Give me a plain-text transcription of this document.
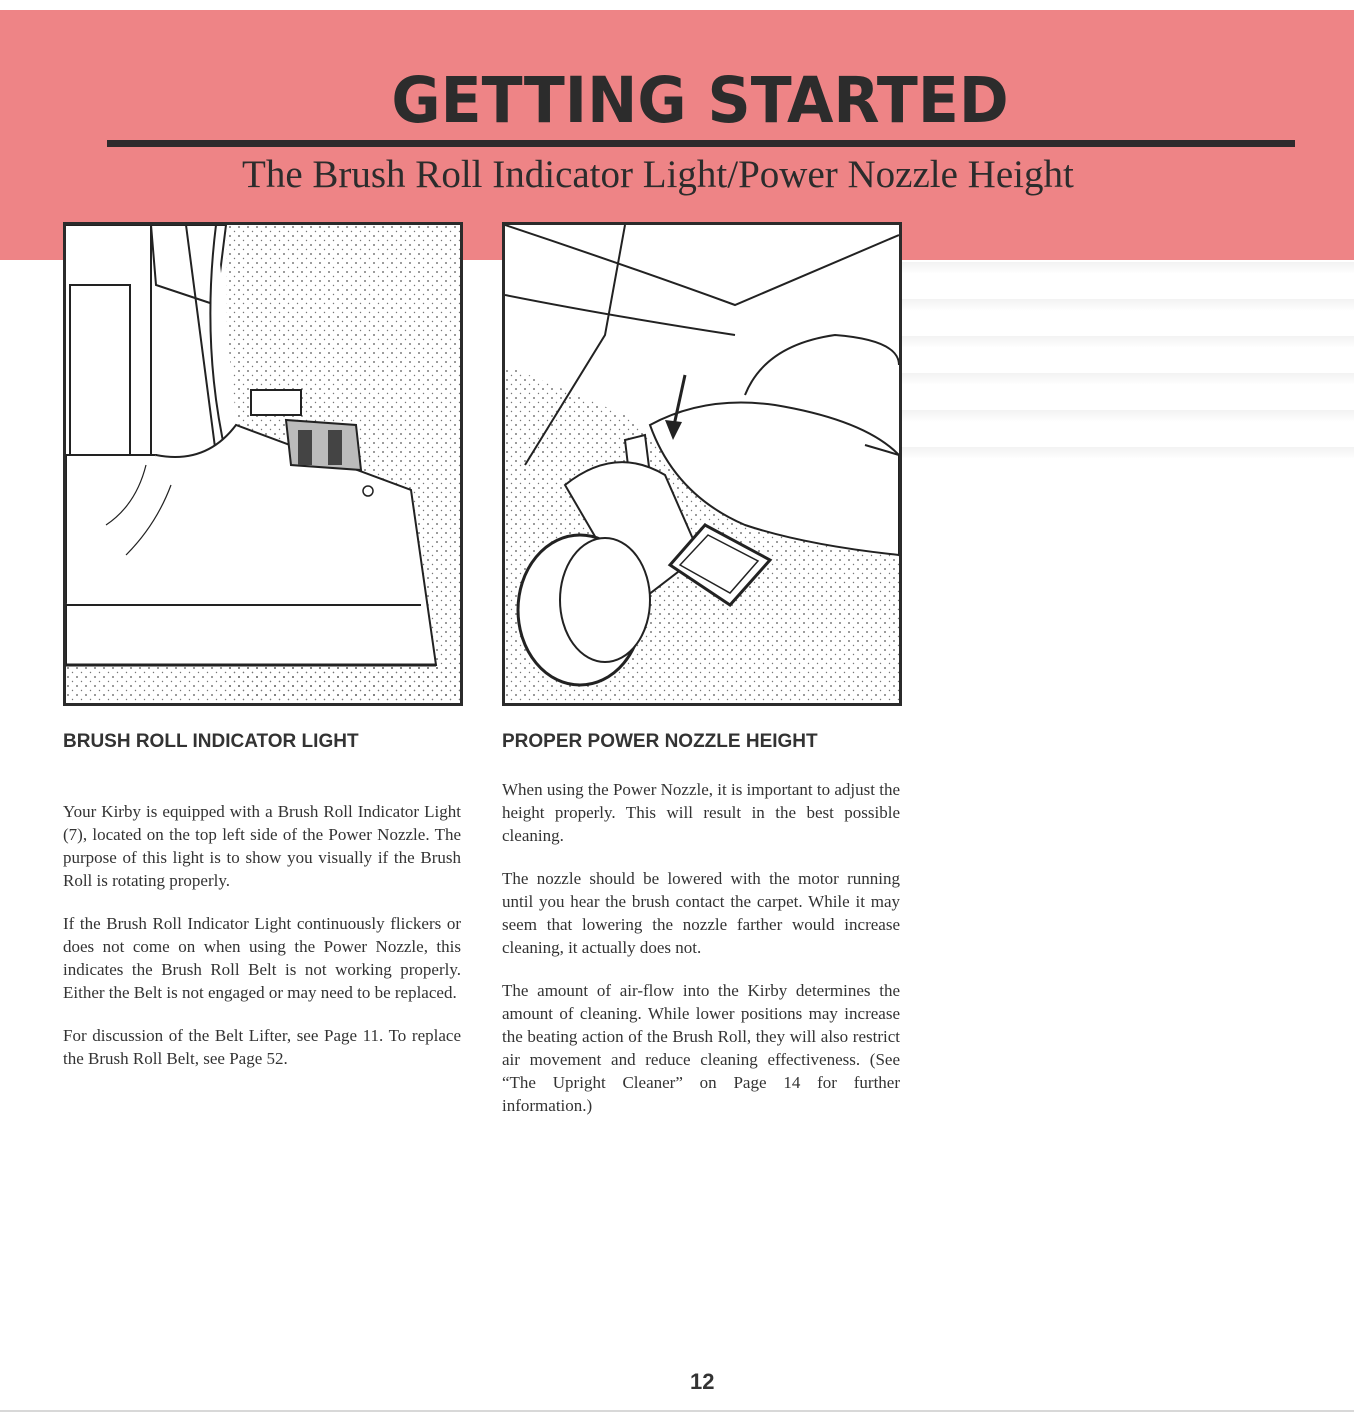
GETTING STARTED
The Brush Roll Indicator Light/Power Nozzle Height
BRUSH ROLL INDICATOR LIGHT

Your Kirby is equipped with a Brush Roll Indicator Light (7), located on the top left side of the Power Nozzle. The purpose of this light is to show you visually if the Brush Roll is rotating properly.

If the Brush Roll Indicator Light continuously flickers or does not come on when using the Power Nozzle, this indicates the Brush Roll Belt is not working properly. Either the Belt is not engaged or may need to be replaced.

For discussion of the Belt Lifter, see Page 11. To replace the Brush Roll Belt, see Page 52.

PROPER POWER NOZZLE HEIGHT

When using the Power Nozzle, it is important to adjust the height properly. This will result in the best possible cleaning.

The nozzle should be lowered with the motor running until you hear the brush contact the carpet. While it may seem that lowering the nozzle farther would increase cleaning, it actually does not.

The amount of air-flow into the Kirby determines the amount of cleaning. While lower positions may increase the beating action of the Brush Roll, they will also restrict air movement and reduce cleaning effectiveness. (See “The Upright Cleaner” on Page 14 for further information.)

12
